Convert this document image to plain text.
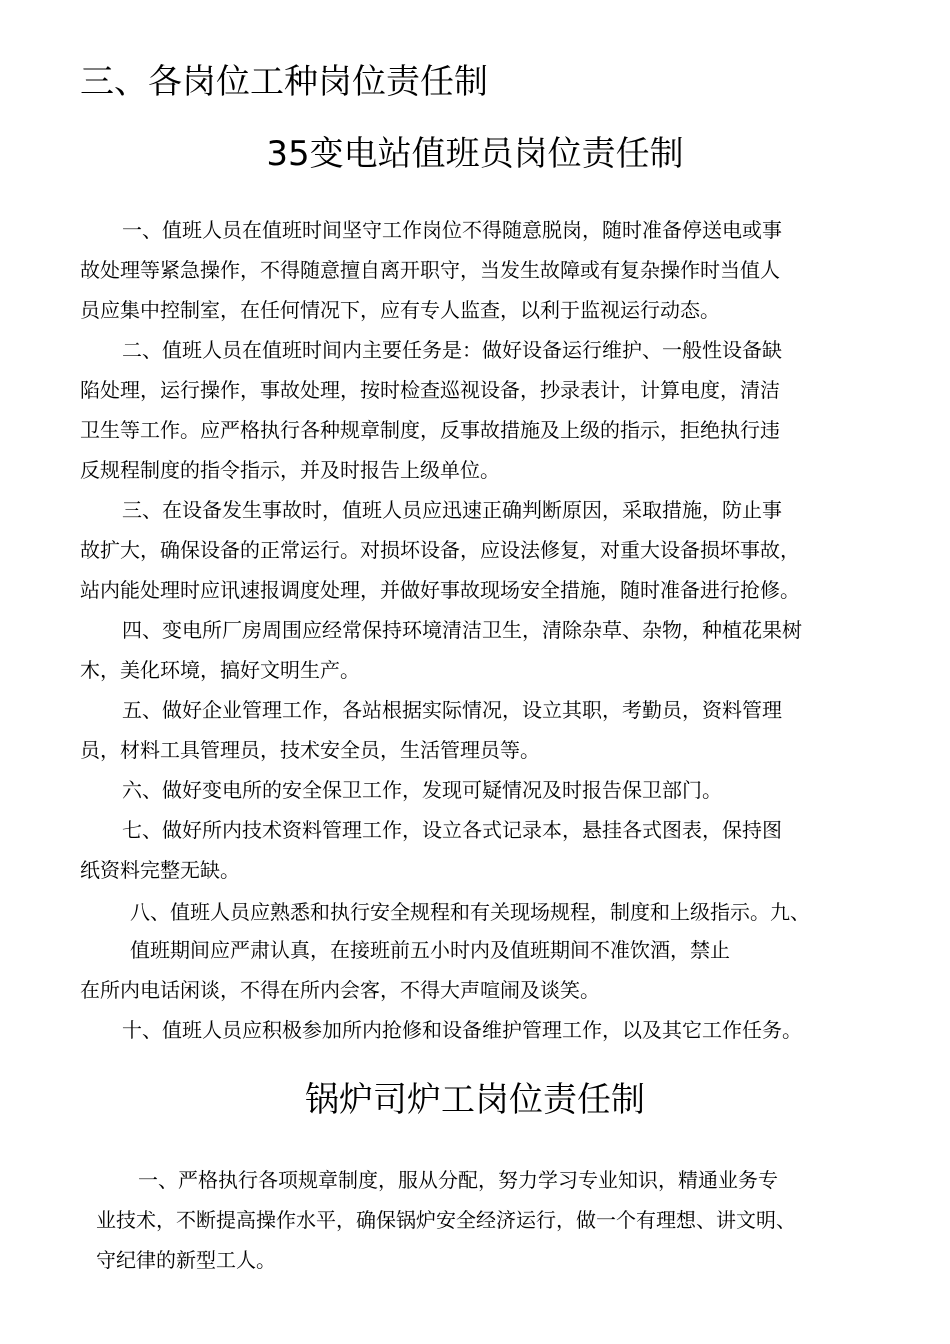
三、各岗位工种岗位责任制
35变电站值班员岗位责任制
一、值班人员在值班时间坚守工作岗位不得随意脱岗，随时准备停送电或事
故处理等紧急操作，不得随意擅自离开职守，当发生故障或有复杂操作时当值人
员应集中控制室，在任何情况下，应有专人监查，以利于监视运行动态。
二、值班人员在值班时间内主要任务是：做好设备运行维护、一般性设备缺
陷处理，运行操作，事故处理，按时检查巡视设备，抄录表计，计算电度，清洁
卫生等工作。应严格执行各种规章制度，反事故措施及上级的指示，拒绝执行违
反规程制度的指令指示，并及时报告上级单位。
三、在设备发生事故时，值班人员应迅速正确判断原因，采取措施，防止事
故扩大，确保设备的正常运行。对损坏设备，应设法修复，对重大设备损坏事故，
站内能处理时应讯速报调度处理，并做好事故现场安全措施，随时准备进行抢修。
四、变电所厂房周围应经常保持环境清洁卫生，清除杂草、杂物，种植花果树
木，美化环境，搞好文明生产。
五、做好企业管理工作，各站根据实际情况，设立其职，考勤员，资料管理
员，材料工具管理员，技术安全员，生活管理员等。
六、做好变电所的安全保卫工作，发现可疑情况及时报告保卫部门。
七、做好所内技术资料管理工作，设立各式记录本，悬挂各式图表，保持图
纸资料完整无缺。
八、值班人员应熟悉和执行安全规程和有关现场规程，制度和上级指示。九、
值班期间应严肃认真，在接班前五小时内及值班期间不准饮酒，禁止
在所内电话闲谈，不得在所内会客，不得大声喧闹及谈笑。
十、值班人员应积极参加所内抢修和设备维护管理工作，以及其它工作任务。
锅炉司炉工岗位责任制
一、严格执行各项规章制度，服从分配，努力学习专业知识，精通业务专
业技术，不断提高操作水平，确保锅炉安全经济运行，做一个有理想、讲文明、
守纪律的新型工人。
